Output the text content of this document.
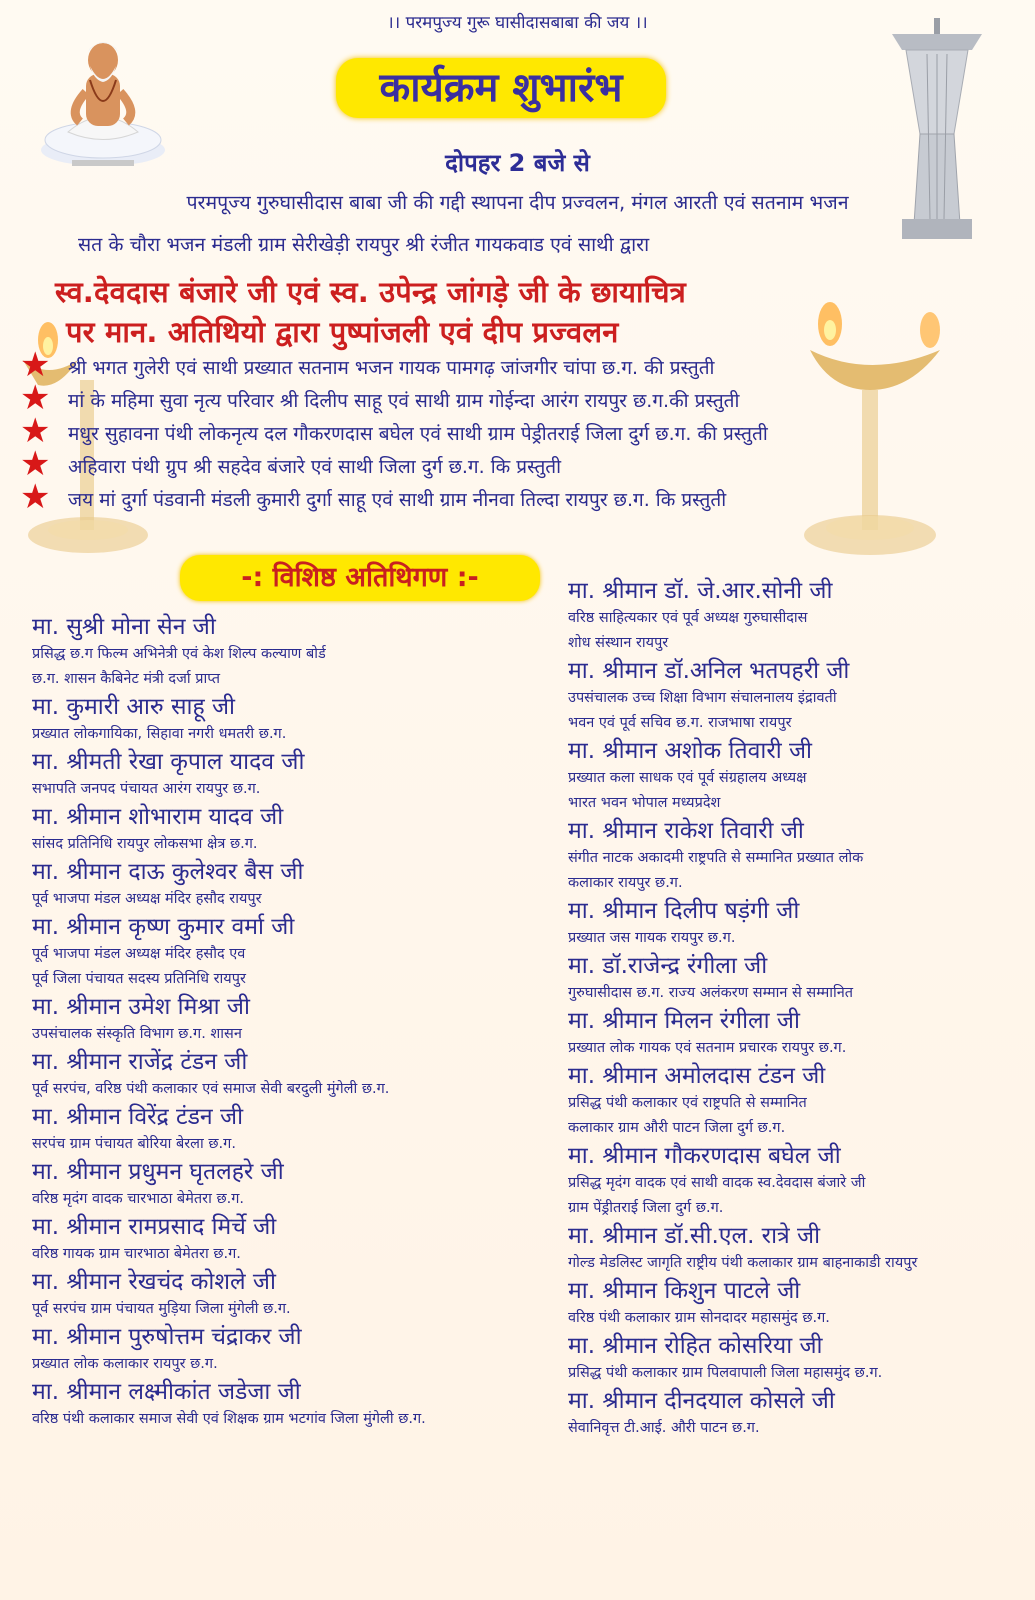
।। परमपुज्य गुरू घासीदासबाबा की जय ।।
कार्यक्रम शुभारंभ
दोपहर 2 बजे से
परमपूज्य गुरुघासीदास बाबा जी की गद्दी स्थापना दीप प्रज्वलन, मंगल आरती एवं सतनाम भजन
सत के चौरा भजन मंडली ग्राम सेरीखेड़ी रायपुर श्री रंजीत गायकवाड एवं साथी द्वारा
स्व.देवदास बंजारे जी एवं स्व. उपेन्द्र जांगड़े जी के छायाचित्र
पर मान. अतिथियो द्वारा पुष्पांजली एवं दीप प्रज्वलन
★ श्री भगत गुलेरी एवं साथी प्रख्यात सतनाम भजन गायक पामगढ़ जांजगीर चांपा छ.ग. की प्रस्तुती
★ मां के महिमा सुवा नृत्य परिवार श्री दिलीप साहू एवं साथी ग्राम गोईन्दा आरंग रायपुर छ.ग.की प्रस्तुती
★ मधुर सुहावना पंथी लोकनृत्य दल गौकरणदास बघेल एवं साथी ग्राम पेड्रीतराई जिला दुर्ग छ.ग. की प्रस्तुती
★ अहिवारा पंथी ग्रुप श्री सहदेव बंजारे एवं साथी जिला दुर्ग छ.ग. कि प्रस्तुती
★ जय मां दुर्गा पंडवानी मंडली कुमारी दुर्गा साहू एवं साथी ग्राम नीनवा तिल्दा रायपुर छ.ग. कि प्रस्तुती
-: विशिष्ठ अतिथिगण :-
मा. सुश्री मोना सेन जी
प्रसिद्ध छ.ग फिल्म अभिनेत्री एवं केश शिल्प कल्याण बोर्ड
छ.ग. शासन कैबिनेट मंत्री दर्जा प्राप्त
मा. कुमारी आरु साहू जी
प्रख्यात लोकगायिका, सिहावा नगरी धमतरी छ.ग.
मा. श्रीमती रेखा कृपाल यादव जी
सभापति जनपद पंचायत आरंग रायपुर छ.ग.
मा. श्रीमान शोभाराम यादव जी
सांसद प्रतिनिधि रायपुर लोकसभा क्षेत्र छ.ग.
मा. श्रीमान दाऊ कुलेश्वर बैस जी
पूर्व भाजपा मंडल अध्यक्ष मंदिर हसौद रायपुर
मा. श्रीमान कृष्ण कुमार वर्मा जी
पूर्व भाजपा मंडल अध्यक्ष मंदिर हसौद एव
पूर्व जिला पंचायत सदस्य प्रतिनिधि रायपुर
मा. श्रीमान उमेश मिश्रा जी
उपसंचालक संस्कृति विभाग छ.ग. शासन
मा. श्रीमान राजेंद्र टंडन जी
पूर्व सरपंच, वरिष्ठ पंथी कलाकार एवं समाज सेवी बरदुली मुंगेली छ.ग.
मा. श्रीमान विरेंद्र टंडन जी
सरपंच ग्राम पंचायत बोरिया बेरला छ.ग.
मा. श्रीमान प्रधुमन घृतलहरे जी
वरिष्ठ मृदंग वादक चारभाठा बेमेतरा छ.ग.
मा. श्रीमान रामप्रसाद मिर्चे जी
वरिष्ठ गायक ग्राम चारभाठा बेमेतरा छ.ग.
मा. श्रीमान रेखचंद कोशले जी
पूर्व सरपंच ग्राम पंचायत मुड़िया जिला मुंगेली छ.ग.
मा. श्रीमान पुरुषोत्तम चंद्राकर जी
प्रख्यात लोक कलाकार रायपुर छ.ग.
मा. श्रीमान लक्ष्मीकांत जडेजा जी
वरिष्ठ पंथी कलाकार समाज सेवी एवं शिक्षक ग्राम भटगांव जिला मुंगेली छ.ग.
मा. श्रीमान डॉ. जे.आर.सोनी जी
वरिष्ठ साहित्यकार एवं पूर्व अध्यक्ष गुरुघासीदास
शोध संस्थान रायपुर
मा. श्रीमान डॉ.अनिल भतपहरी जी
उपसंचालक उच्च शिक्षा विभाग संचालनालय इंद्रावती
भवन एवं पूर्व सचिव छ.ग. राजभाषा रायपुर
मा. श्रीमान अशोक तिवारी जी
प्रख्यात कला साधक एवं पूर्व संग्रहालय अध्यक्ष
भारत भवन भोपाल मध्यप्रदेश
मा. श्रीमान राकेश तिवारी जी
संगीत नाटक अकादमी राष्ट्रपति से सम्मानित प्रख्यात लोक
कलाकार रायपुर छ.ग.
मा. श्रीमान दिलीप षड़ंगी जी
प्रख्यात जस गायक रायपुर छ.ग.
मा. डॉ.राजेन्द्र रंगीला जी
गुरुघासीदास छ.ग. राज्य अलंकरण सम्मान से सम्मानित
मा. श्रीमान मिलन रंगीला जी
प्रख्यात लोक गायक एवं सतनाम प्रचारक रायपुर छ.ग.
मा. श्रीमान अमोलदास टंडन जी
प्रसिद्ध पंथी कलाकार एवं राष्ट्रपति से सम्मानित
कलाकार ग्राम औरी पाटन जिला दुर्ग छ.ग.
मा. श्रीमान गौकरणदास बघेल जी
प्रसिद्ध मृदंग वादक एवं साथी वादक स्व.देवदास बंजारे जी
ग्राम पेंड्रीतराई जिला दुर्ग छ.ग.
मा. श्रीमान डॉ.सी.एल. रात्रे जी
गोल्ड मेडलिस्ट जागृति राष्ट्रीय पंथी कलाकार ग्राम बाहनाकाडी रायपुर
मा. श्रीमान किशुन पाटले जी
वरिष्ठ पंथी कलाकार ग्राम सोनदादर महासमुंद छ.ग.
मा. श्रीमान रोहित कोसरिया जी
प्रसिद्ध पंथी कलाकार ग्राम पिलवापाली जिला महासमुंद छ.ग.
मा. श्रीमान दीनदयाल कोसले जी
सेवानिवृत्त टी.आई. औरी पाटन छ.ग.
